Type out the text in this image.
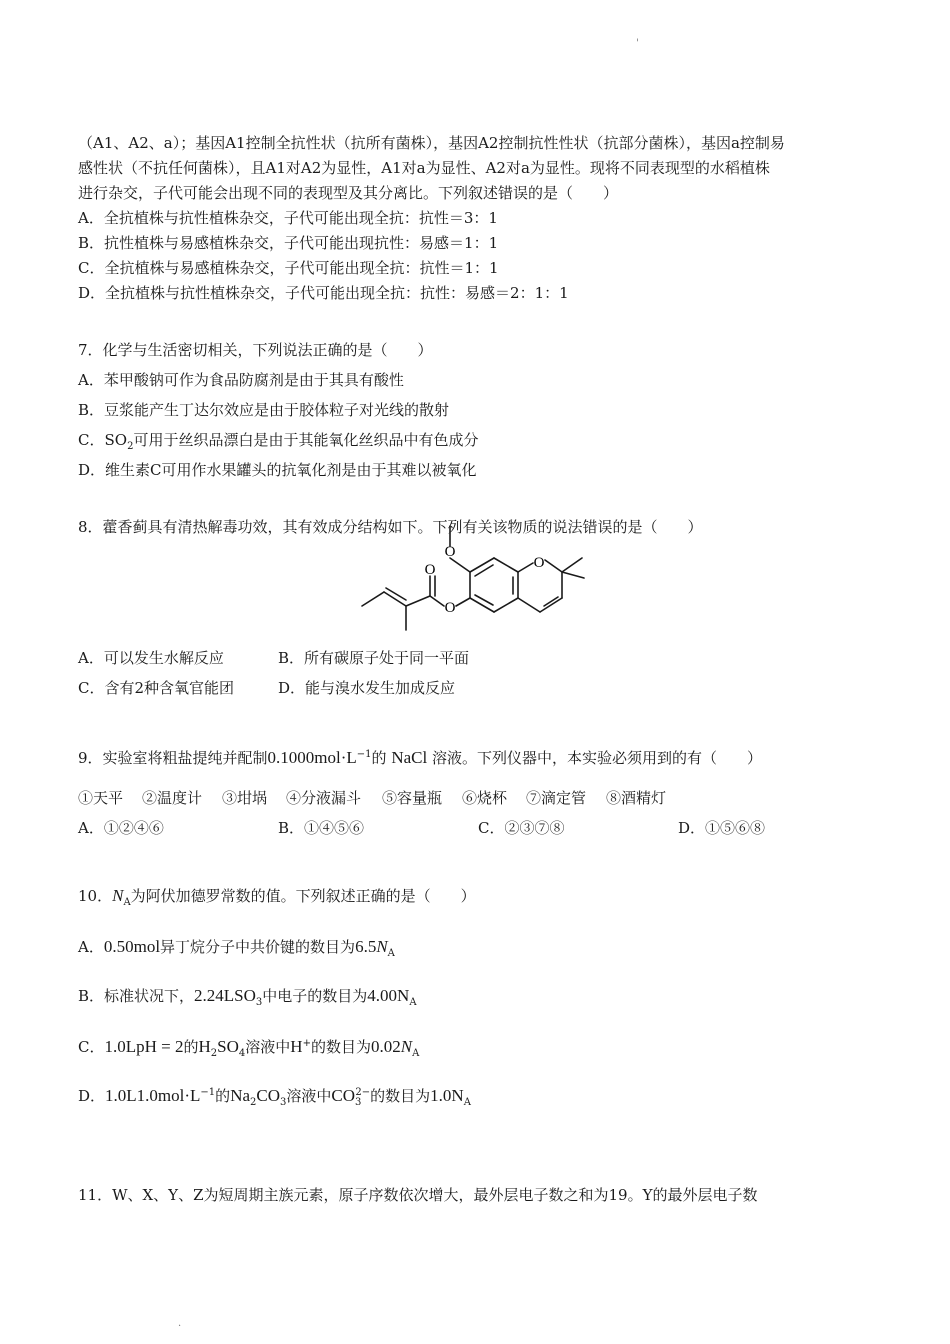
'
（A1、A2、a）；基因A1控制全抗性状（抗所有菌株），基因A2控制抗性性状（抗部分菌株），基因a控制易
感性状（不抗任何菌株），且A1对A2为显性，A1对a为显性、A2对a为显性。现将不同表现型的水稻植株
进行杂交，子代可能会出现不同的表现型及其分离比。下列叙述错误的是（　　）
A．全抗植株与抗性植株杂交，子代可能出现全抗：抗性＝3：1
B．抗性植株与易感植株杂交，子代可能出现抗性：易感＝1：1
C．全抗植株与易感植株杂交，子代可能出现全抗：抗性＝1：1
D．全抗植株与抗性植株杂交，子代可能出现全抗：抗性：易感＝2：1：1
7．化学与生活密切相关，下列说法正确的是（　　）
A．苯甲酸钠可作为食品防腐剂是由于其具有酸性
B．豆浆能产生丁达尔效应是由于胶体粒子对光线的散射
C．$SO_2$可用于丝织品漂白是由于其能氧化丝织品中有色成分
D．维生素C可用作水果罐头的抗氧化剂是由于其难以被氧化
8．藿香蓟具有清热解毒功效，其有效成分结构如下。下列有关该物质的说法错误的是（　　）
O
O
O
O
A．可以发生水解反应	B．所有碳原子处于同一平面
C．含有2种含氧官能团	D．能与溴水发生加成反应
9．实验室将粗盐提纯并配制$0.1000mol\cdot L^{-1}$的 NaCl 溶液。下列仪器中，本实验必须用到的有（　　）
①天平 ②温度计 ③坩埚 ④分液漏斗 ⑤容量瓶 ⑥烧杯 ⑦滴定管 ⑧酒精灯
A．①②④⑥	B．①④⑤⑥	C．②③⑦⑧	D．①⑤⑥⑧
10．$N_A$为阿伏加德罗常数的值。下列叙述正确的是（　　）
A．0.50mol异丁烷分子中共价键的数目为$6.5N_A$
B．标准状况下，$2.24LSO_3$中电子的数目为$4.00N_A$
C．1.0LpH = 2的$H_2SO_4$溶液中H+的数目为$0.02N_A$
D．$1.0L1.0mol\cdot L^{-1}$的$Na_2CO_3$溶液中$CO_3^{2-}$的数目为$1.0N_A$
11．W、X、Y、Z为短周期主族元素，原子序数依次增大，最外层电子数之和为19。Y的最外层电子数
.
